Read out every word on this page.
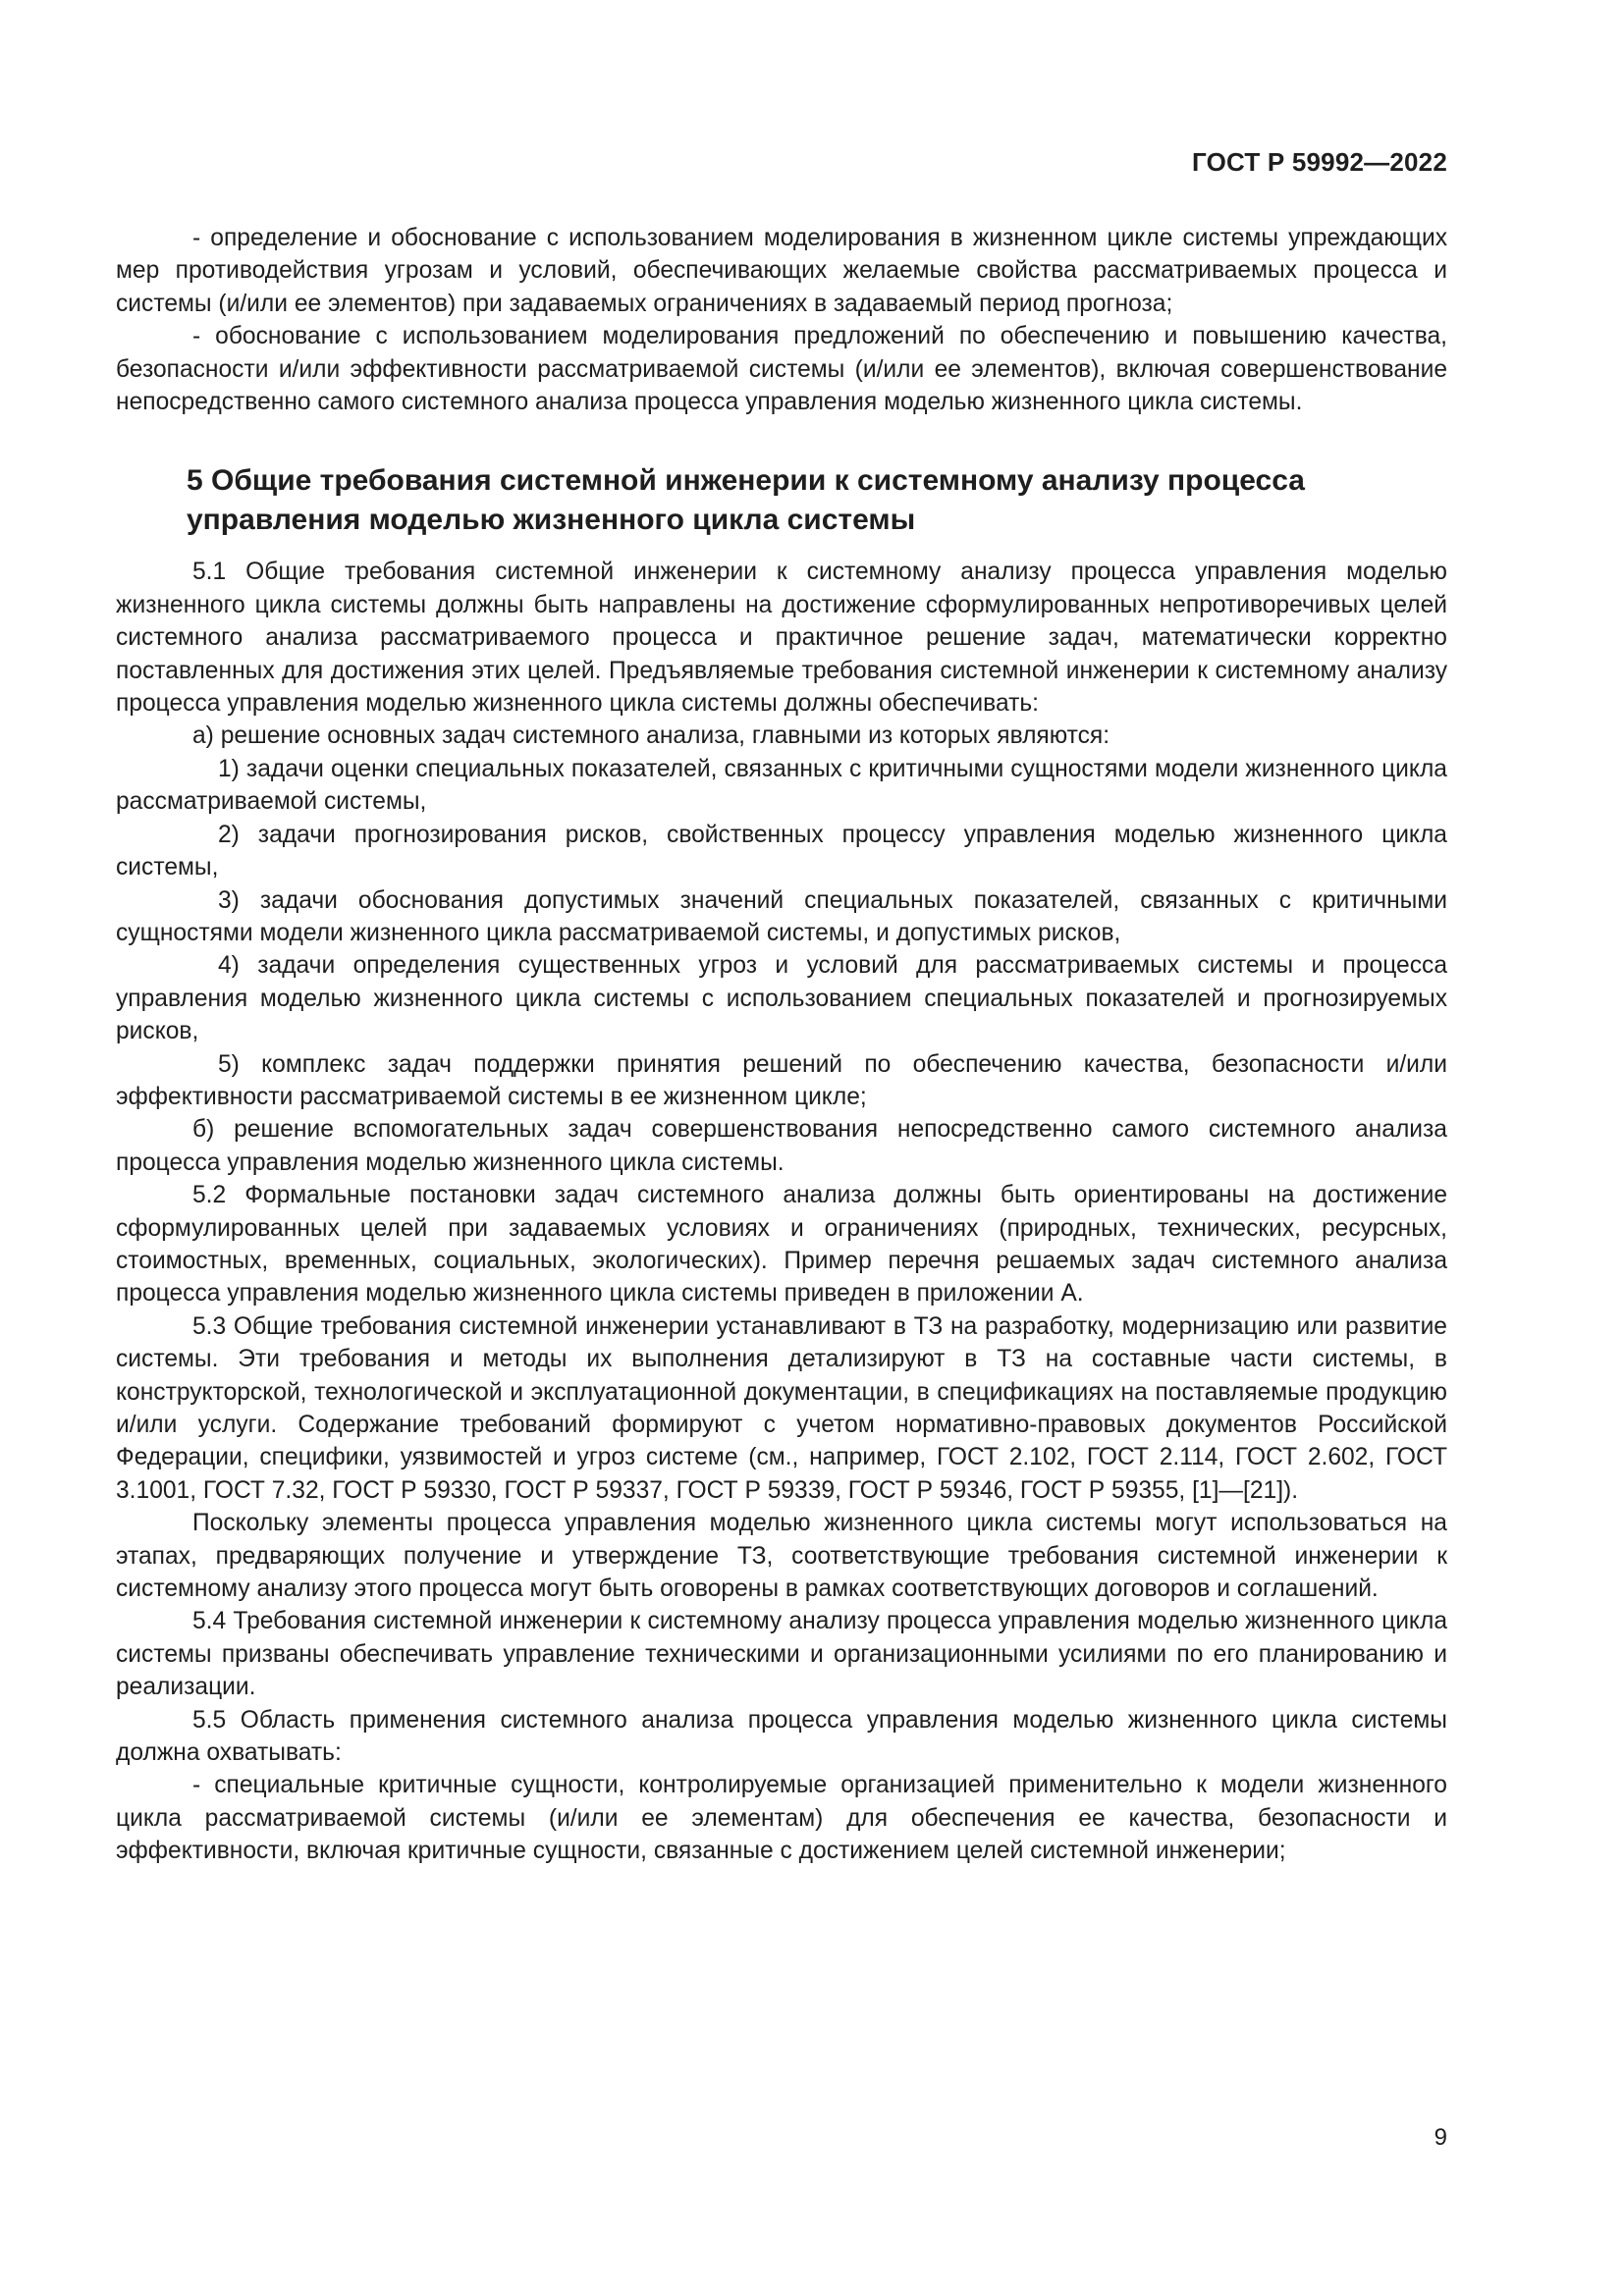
ГОСТ Р 59992—2022

- определение и обоснование с использованием моделирования в жизненном цикле системы упреждающих мер противодействия угрозам и условий, обеспечивающих желаемые свойства рассматриваемых процесса и системы (и/или ее элементов) при задаваемых ограничениях в задаваемый период прогноза;

- обоснование с использованием моделирования предложений по обеспечению и повышению качества, безопасности и/или эффективности рассматриваемой системы (и/или ее элементов), включая совершенствование непосредственно самого системного анализа процесса управления моделью жизненного цикла системы.

5 Общие требования системной инженерии к системному анализу процесса управления моделью жизненного цикла системы

5.1 Общие требования системной инженерии к системному анализу процесса управления моделью жизненного цикла системы должны быть направлены на достижение сформулированных непротиворечивых целей системного анализа рассматриваемого процесса и практичное решение задач, математически корректно поставленных для достижения этих целей. Предъявляемые требования системной инженерии к системному анализу процесса управления моделью жизненного цикла системы должны обеспечивать:

а) решение основных задач системного анализа, главными из которых являются:

1) задачи оценки специальных показателей, связанных с критичными сущностями модели жизненного цикла рассматриваемой системы,

2) задачи прогнозирования рисков, свойственных процессу управления моделью жизненного цикла системы,

3) задачи обоснования допустимых значений специальных показателей, связанных с критичными сущностями модели жизненного цикла рассматриваемой системы, и допустимых рисков,

4) задачи определения существенных угроз и условий для рассматриваемых системы и процесса управления моделью жизненного цикла системы с использованием специальных показателей и прогнозируемых рисков,

5) комплекс задач поддержки принятия решений по обеспечению качества, безопасности и/или эффективности рассматриваемой системы в ее жизненном цикле;

б) решение вспомогательных задач совершенствования непосредственно самого системного анализа процесса управления моделью жизненного цикла системы.

5.2 Формальные постановки задач системного анализа должны быть ориентированы на достижение сформулированных целей при задаваемых условиях и ограничениях (природных, технических, ресурсных, стоимостных, временных, социальных, экологических). Пример перечня решаемых задач системного анализа процесса управления моделью жизненного цикла системы приведен в приложении А.

5.3 Общие требования системной инженерии устанавливают в ТЗ на разработку, модернизацию или развитие системы. Эти требования и методы их выполнения детализируют в ТЗ на составные части системы, в конструкторской, технологической и эксплуатационной документации, в спецификациях на поставляемые продукцию и/или услуги. Содержание требований формируют с учетом нормативно-правовых документов Российской Федерации, специфики, уязвимостей и угроз системе (см., например, ГОСТ 2.102, ГОСТ 2.114, ГОСТ 2.602, ГОСТ 3.1001, ГОСТ 7.32, ГОСТ Р 59330, ГОСТ Р 59337, ГОСТ Р 59339, ГОСТ Р 59346, ГОСТ Р 59355, [1]—[21]).

Поскольку элементы процесса управления моделью жизненного цикла системы могут использоваться на этапах, предваряющих получение и утверждение ТЗ, соответствующие требования системной инженерии к системному анализу этого процесса могут быть оговорены в рамках соответствующих договоров и соглашений.

5.4 Требования системной инженерии к системному анализу процесса управления моделью жизненного цикла системы призваны обеспечивать управление техническими и организационными усилиями по его планированию и реализации.

5.5 Область применения системного анализа процесса управления моделью жизненного цикла системы должна охватывать:

- специальные критичные сущности, контролируемые организацией применительно к модели жизненного цикла рассматриваемой системы (и/или ее элементам) для обеспечения ее качества, безопасности и эффективности, включая критичные сущности, связанные с достижением целей системной инженерии;

9
